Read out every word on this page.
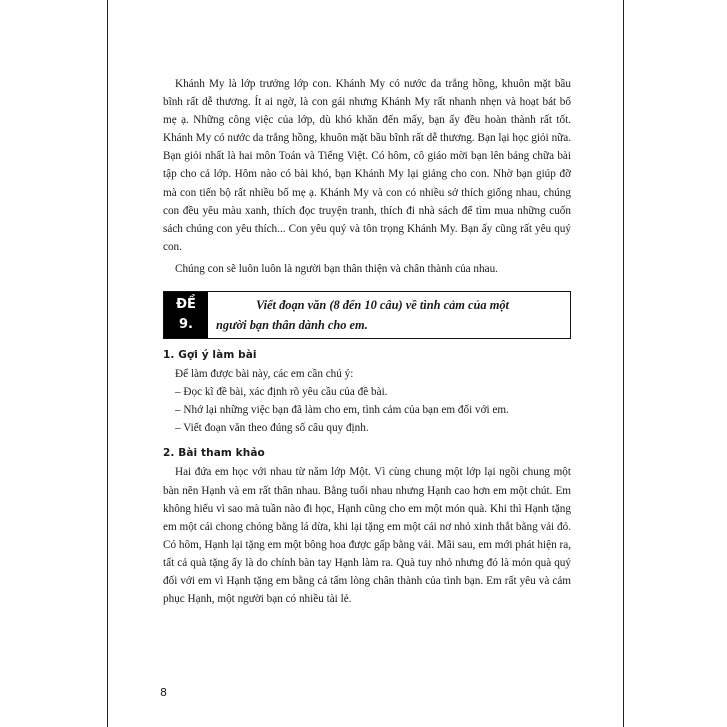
Khánh My là lớp trưởng lớp con. Khánh My có nước da trắng hồng, khuôn mặt bầu bĩnh rất dễ thương. Ít ai ngờ, là con gái nhưng Khánh My rất nhanh nhẹn và hoạt bát bố mẹ ạ. Những công việc của lớp, dù khó khăn đến mấy, bạn ấy đều hoàn thành rất tốt. Khánh My có nước da trắng hồng, khuôn mặt bầu bĩnh rất dễ thương. Bạn lại học giỏi nữa. Bạn giỏi nhất là hai môn Toán và Tiếng Việt. Có hôm, cô giáo mời bạn lên bảng chữa bài tập cho cả lớp. Hôm nào có bài khó, bạn Khánh My lại giảng cho con. Nhờ bạn giúp đỡ mà con tiến bộ rất nhiều bố mẹ ạ. Khánh My và con có nhiều sở thích giống nhau, chúng con đều yêu màu xanh, thích đọc truyện tranh, thích đi nhà sách để tìm mua những cuốn sách chúng con yêu thích... Con yêu quý và tôn trọng Khánh My. Bạn ấy cũng rất yêu quý con.

Chúng con sẽ luôn luôn là người bạn thân thiện và chân thành của nhau.

ĐỀ
9.
Viết đoạn văn (8 đến 10 câu) về tình cảm của một
người bạn thân dành cho em.
1. Gợi ý làm bài

Để làm được bài này, các em cần chú ý:

– Đọc kĩ đề bài, xác định rõ yêu cầu của đề bài.

– Nhớ lại những việc bạn đã làm cho em, tình cảm của bạn em đối với em.

– Viết đoạn văn theo đúng số câu quy định.

2. Bài tham khảo

Hai đứa em học với nhau từ năm lớp Một. Vì cùng chung một lớp lại ngồi chung một bàn nên Hạnh và em rất thân nhau. Bằng tuổi nhau nhưng Hạnh cao hơn em một chút. Em không hiểu vì sao mà tuần nào đi học, Hạnh cũng cho em một món quà. Khi thì Hạnh tặng em một cái chong chóng bằng lá dừa, khi lại tặng em một cái nơ nhỏ xinh thắt bằng vải đỏ. Có hôm, Hạnh lại tặng em một bông hoa được gấp bằng vải. Mãi sau, em mới phát hiện ra, tất cả quà tặng ấy là do chính bàn tay Hạnh làm ra. Quà tuy nhỏ nhưng đó là món quà quý đối với em vì Hạnh tặng em bằng cả tấm lòng chân thành của tình bạn. Em rất yêu và cảm phục Hạnh, một người bạn có nhiều tài lẻ.

8
